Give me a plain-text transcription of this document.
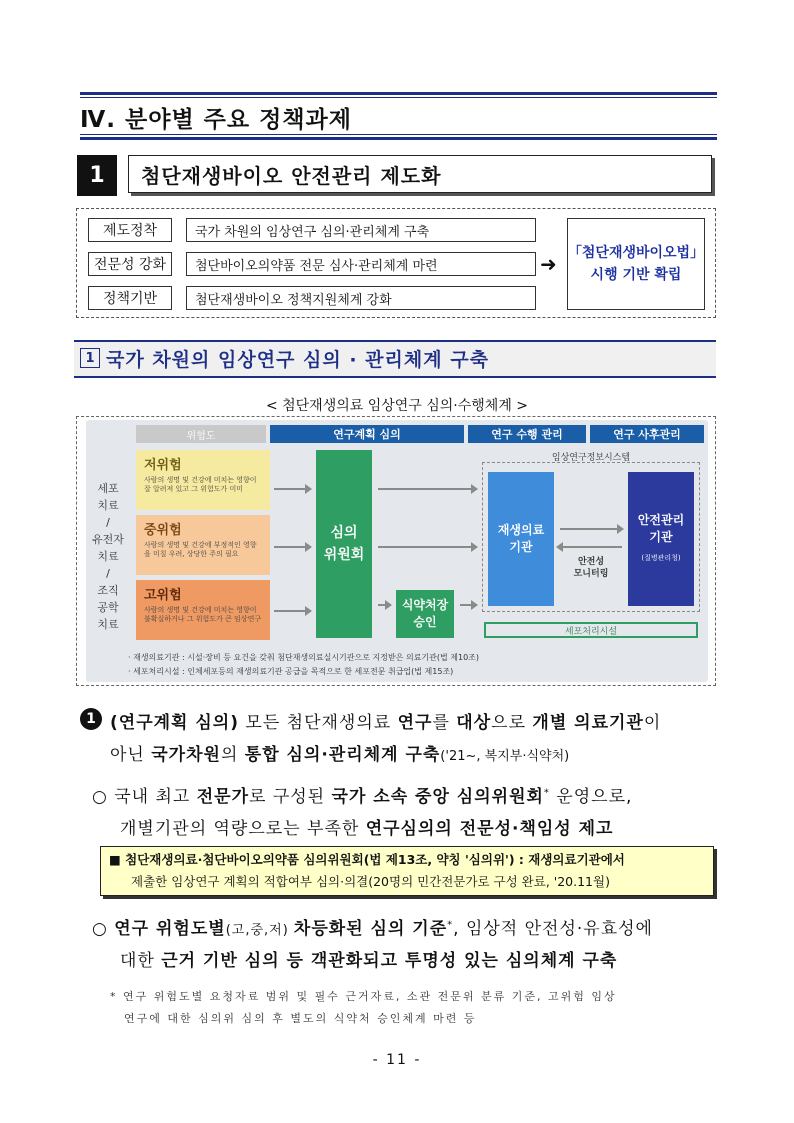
Ⅳ. 분야별 주요 정책과제
1	첨단재생바이오 안전관리 제도화
제도정착	국가 차원의 임상연구 심의·관리체계 구축
전문성 강화	첨단바이오의약품 전문 심사·관리체계 마련
정책기반	첨단재생바이오 정책지원체계 강화
➜ ｢첨단재생바이오법｣
시행 기반 확립
1 국가 차원의 임상연구 심의 · 관리체계 구축
< 첨단재생의료 임상연구 심의·수행체계 >
위험도	연구계획 심의	연구 수행 관리	연구 사후관리
세포
치료
/
유전자
치료
/
조직
공학
치료
저위험
사람의 생명 및 건강에 미치는 영향이 잘 알려져 있고 그 위험도가 미미
중위험
사람의 생명 및 건강에 부정적인 영향을 미칠 우려, 상당한 주의 필요
고위험
사람의 생명 및 건강에 미치는 영향이 불확실하거나 그 위험도가 큰 임상연구
심의
위원회
식약처장
승인
임상연구정보시스템
재생의료
기관
안전성
모니터링
안전관리
기관
(질병관리청)
세포처리시설
· 재생의료기관 : 시설·장비 등 요건을 갖춰 첨단재생의료실시기관으로 지정받은 의료기관(법 제10조)
· 세포처리시설 : 인체세포등의 재생의료기관 공급을 목적으로 한 세포전문 취급업(법 제15조)
1 (연구계획 심의) 모든 첨단재생의료 연구를 대상으로 개별 의료기관이
아닌 국가차원의 통합 심의·관리체계 구축('21~, 복지부·식약처)
○ 국내 최고 전문가로 구성된 국가 소속 중앙 심의위원회* 운영으로,
개별기관의 역량으로는 부족한 연구심의의 전문성·책임성 제고
■ 첨단재생의료·첨단바이오의약품 심의위원회(법 제13조, 약칭 '심의위') : 재생의료기관에서
제출한 임상연구 계획의 적합여부 심의·의결(20명의 민간전문가로 구성 완료, '20.11월)
○ 연구 위험도별(고,중,저) 차등화된 심의 기준*, 임상적 안전성·유효성에
대한 근거 기반 심의 등 객관화되고 투명성 있는 심의체계 구축
* 연구 위험도별 요청자료 범위 및 필수 근거자료, 소관 전문위 분류 기준, 고위험 임상
연구에 대한 심의위 심의 후 별도의 식약처 승인체계 마련 등
- 11 -
